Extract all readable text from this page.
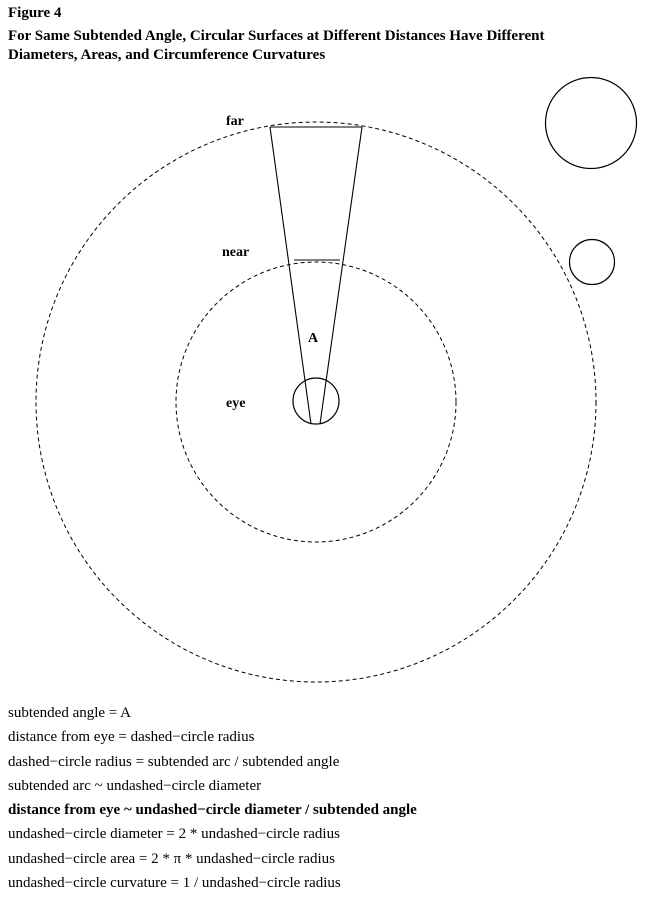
Figure 4
For Same Subtended Angle, Circular Surfaces at Different Distances Have Different
Diameters, Areas, and Circumference Curvatures
far
near
A
eye
subtended angle = A
distance from eye = dashed−circle radius
dashed−circle radius = subtended arc / subtended angle
subtended arc ~ undashed−circle diameter
distance from eye ~ undashed−circle diameter / subtended angle
undashed−circle diameter = 2 * undashed−circle radius
undashed−circle area = 2 * π * undashed−circle radius
undashed−circle curvature = 1 / undashed−circle radius
